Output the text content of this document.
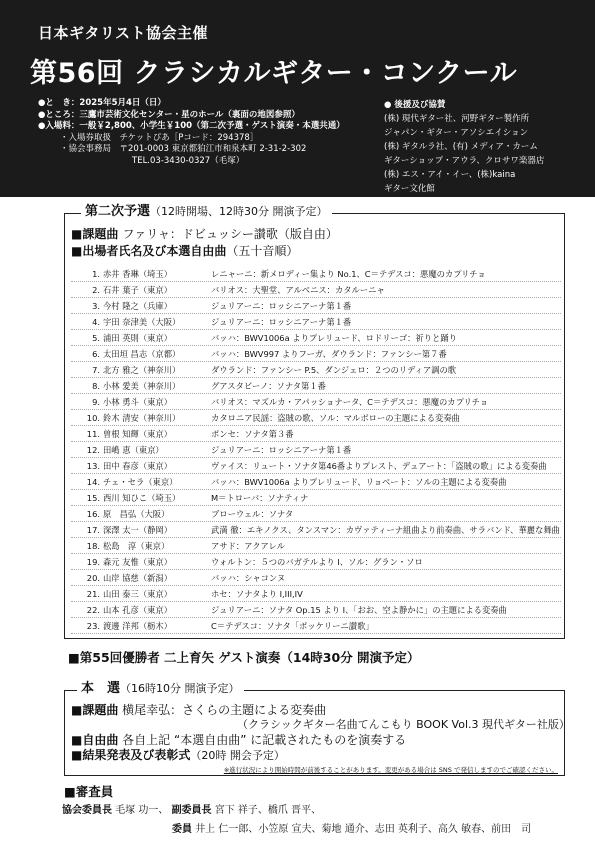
日本ギタリスト協会主催
第56回 クラシカルギター・コンクール
●と　き：2025年5月4日（日）
●ところ：三鷹市芸術文化センター・星のホール（裏面の地図参照）
●入場料：一般￥2,800、小学生￥100（第二次予選・ゲスト演奏・本選共通）
・入場券取扱　チケットぴあ［Pコード：294378］
・協会事務局　〒201-0003 東京都狛江市和泉本町 2-31-2-302
TEL.03-3430-0327（毛塚）
● 後援及び協賛
(株) 現代ギター社、河野ギター製作所
ジャパン・ギター・アソシエイション
(株) ギタルラ社、(有) メディア・カーム
ギターショップ・アウラ、クロサワ楽器店
(株) エス・アイ・イー、(株)kaina
ギター文化館
第二次予選（12時開場、12時30分 開演予定）
■課題曲 ファリャ：ドビュッシー讃歌（版自由）
■出場者氏名及び本選自由曲（五十音順）
1. 赤井 香琳（埼玉）	レニャーニ：新メロディー集より No.1、C＝テデスコ：悪魔のカプリチョ
2. 石井 葉子（東京）	バリオス：大聖堂、アルベニス：カタルーニャ
3. 今村 隆之（兵庫）	ジュリアーニ：ロッシニアーナ第１番
4. 宇田 奈津美（大阪）	ジュリアーニ：ロッシニアーナ第１番
5. 浦田 英則（東京）	バッハ：BWV1006a よりプレリュード、ロドリーゴ：祈りと踊り
6. 太田垣 昌志（京都）	バッハ：BWV997 よりフーガ、ダウランド：ファンシー第７番
7. 北方 雅之（神奈川）	ダウランド：ファンシー P.5、ダンジェロ：２つのリディア調の歌
8. 小林 愛美（神奈川）	グアスタビーノ：ソナタ第１番
9. 小林 勇斗（東京）	バリオス：マズルカ・アパッショナータ、C＝テデスコ：悪魔のカプリチョ
10. 鈴木 清安（神奈川）	カタロニア民謡：盗賊の歌、ソル：マルボローの主題による変奏曲
11. 曽根 知輝（東京）	ポンセ：ソナタ第３番
12. 田嶋 恵（東京）	ジュリアーニ：ロッシニアーナ第１番
13. 田中 春彦（東京）	ヴァイス：リュート・ソナタ第46番よりプレスト、デュアート：「盗賊の歌」による変奏曲
14. チェ・セラ（東京）	バッハ：BWV1006a よりプレリュード、リョベート：ソルの主題による変奏曲
15. 西川 知ひこ（埼玉）	M＝トローバ：ソナティナ
16. 原　昌弘（大阪）	ブローウェル：ソナタ
17. 深澤 太一（静岡）	武満 徹：エキノクス、タンスマン：カヴァティーナ組曲より前奏曲、サラバンド、華麗な舞曲
18. 松島　淳（東京）	アサド：アクアレル
19. 森元 友惟（東京）	ウォルトン：５つのバガテルより I、ソル：グラン・ソロ
20. 山岸 協慈（新潟）	バッハ：シャコンヌ
21. 山田 泰三（東京）	ホセ：ソナタより I,III,IV
22. 山本 孔彦（東京）	ジュリアーニ：ソナタ Op.15 より I、「おお、空よ静かに」の主題による変奏曲
23. 渡邊 洋邦（栃木）	C＝テデスコ：ソナタ「ボッケリーニ讃歌」
■第55回優勝者 二上育矢 ゲスト演奏（14時30分 開演予定）
本　選（16時10分 開演予定）
■課題曲 横尾幸弘：さくらの主題による変奏曲
（クラシックギター名曲てんこもり BOOK Vol.3 現代ギター社版）
■自由曲 各自上記 “本選自由曲” に記載されたものを演奏する
■結果発表及び表彰式（20時 開会予定）
※進行状況により開始時間が前後することがあります。変更がある場合は SNS で発信しますのでご確認ください。
■審査員
協会委員長 毛塚 功一、 副委員長 宮下 祥子、橋爪 晋平、
委員 井上 仁一郎、小笠原 宣夫、菊地 通介、志田 英利子、高久 敏春、前田　司
